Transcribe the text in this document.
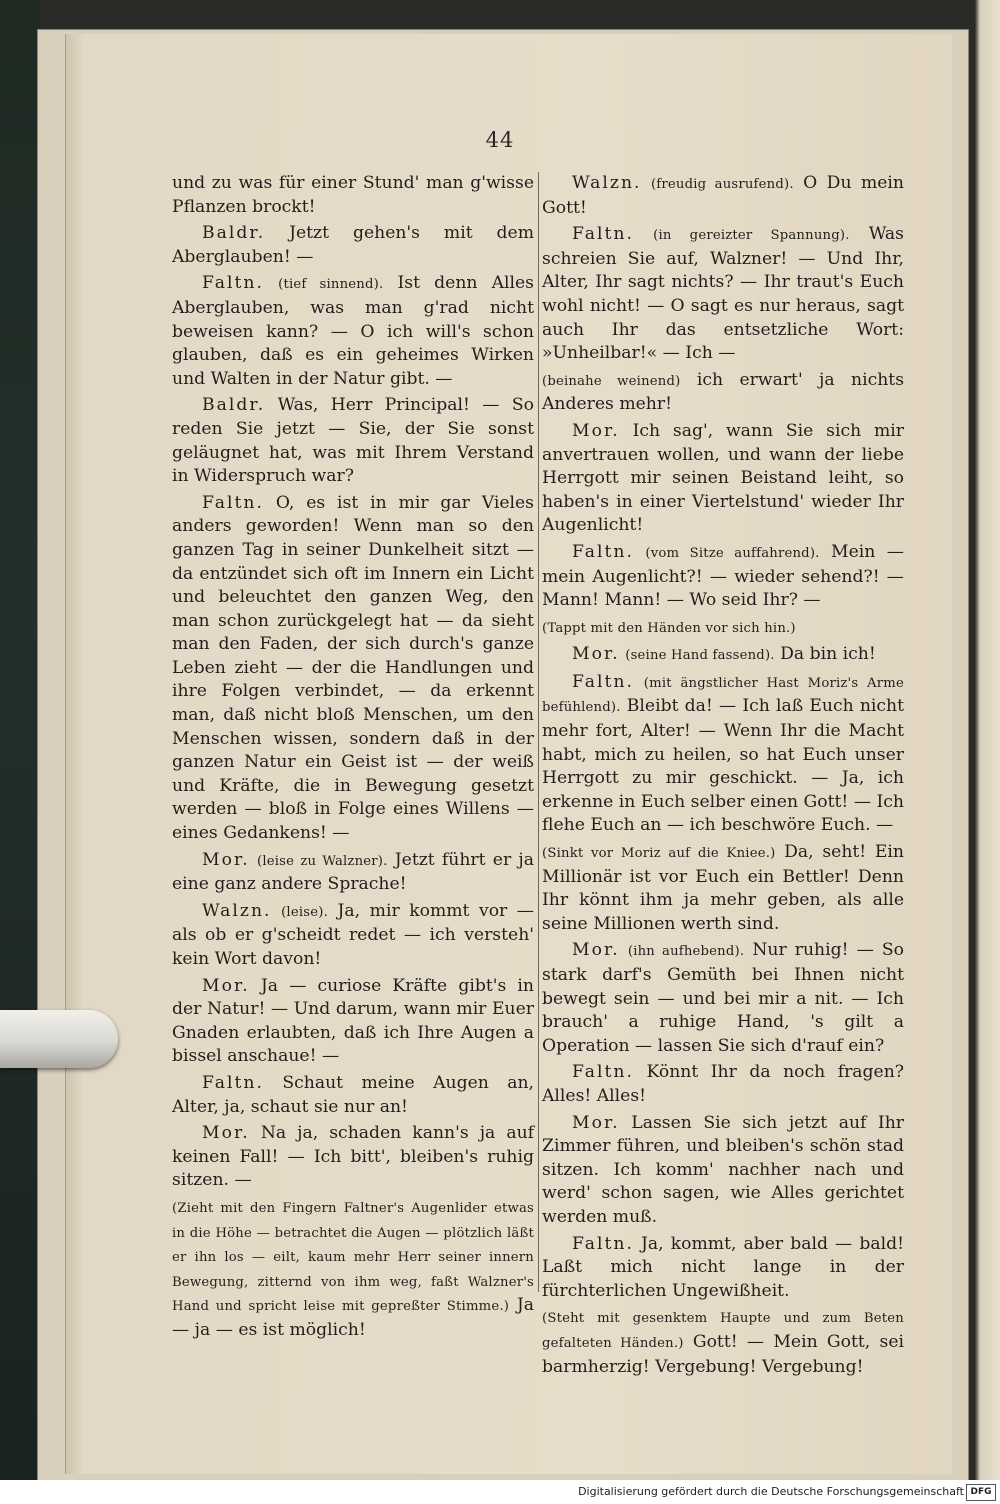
44

und zu was für einer Stund' man g'wisse Pflanzen brockt!

Baldr. Jetzt gehen's mit dem Aberglauben! —

Faltn. (tief sinnend). Ist denn Alles Aberglauben, was man g'rad nicht beweisen kann? — O ich will's schon glauben, daß es ein geheimes Wirken und Walten in der Natur gibt. —

Baldr. Was, Herr Principal! — So reden Sie jetzt — Sie, der Sie sonst geläugnet hat, was mit Ihrem Verstand in Widerspruch war?

Faltn. O, es ist in mir gar Vieles anders geworden! Wenn man so den ganzen Tag in seiner Dunkelheit sitzt — da entzündet sich oft im Innern ein Licht und beleuchtet den ganzen Weg, den man schon zurückgelegt hat — da sieht man den Faden, der sich durch's ganze Leben zieht — der die Handlungen und ihre Folgen verbindet, — da erkennt man, daß nicht bloß Menschen, um den Menschen wissen, sondern daß in der ganzen Natur ein Geist ist — der weiß und Kräfte, die in Bewegung gesetzt werden — bloß in Folge eines Willens — eines Gedankens! —

Mor. (leise zu Walzner). Jetzt führt er ja eine ganz andere Sprache!

Walzn. (leise). Ja, mir kommt vor — als ob er g'scheidt redet — ich versteh' kein Wort davon!

Mor. Ja — curiose Kräfte gibt's in der Natur! — Und darum, wann mir Euer Gnaden erlaubten, daß ich Ihre Augen a bissel anschaue! —

Faltn. Schaut meine Augen an, Alter, ja, schaut sie nur an!

Mor. Na ja, schaden kann's ja auf keinen Fall! — Ich bitt', bleiben's ruhig sitzen. —

(Zieht mit den Fingern Faltner's Augenlider etwas in die Höhe — betrachtet die Augen — plötzlich läßt er ihn los — eilt, kaum mehr Herr seiner innern Bewegung, zitternd von ihm weg, faßt Walzner's Hand und spricht leise mit gepreßter Stimme.) Ja — ja — es ist möglich!

Walzn. (freudig ausrufend). O Du mein Gott!

Faltn. (in gereizter Spannung). Was schreien Sie auf, Walzner! — Und Ihr, Alter, Ihr sagt nichts? — Ihr traut's Euch wohl nicht! — O sagt es nur heraus, sagt auch Ihr das entsetzliche Wort: »Unheilbar!« — Ich —

(beinahe weinend) ich erwart' ja nichts Anderes mehr!

Mor. Ich sag', wann Sie sich mir anvertrauen wollen, und wann der liebe Herrgott mir seinen Beistand leiht, so haben's in einer Viertelstund' wieder Ihr Augenlicht!

Faltn. (vom Sitze auffahrend). Mein — mein Augenlicht?! — wieder sehend?! — Mann! Mann! — Wo seid Ihr? —

(Tappt mit den Händen vor sich hin.)

Mor. (seine Hand fassend). Da bin ich!

Faltn. (mit ängstlicher Hast Moriz's Arme befühlend). Bleibt da! — Ich laß Euch nicht mehr fort, Alter! — Wenn Ihr die Macht habt, mich zu heilen, so hat Euch unser Herrgott zu mir geschickt. — Ja, ich erkenne in Euch selber einen Gott! — Ich flehe Euch an — ich beschwöre Euch. —

(Sinkt vor Moriz auf die Kniee.) Da, seht! Ein Millionär ist vor Euch ein Bettler! Denn Ihr könnt ihm ja mehr geben, als alle seine Millionen werth sind.

Mor. (ihn aufhebend). Nur ruhig! — So stark darf's Gemüth bei Ihnen nicht bewegt sein — und bei mir a nit. — Ich brauch' a ruhige Hand, 's gilt a Operation — lassen Sie sich d'rauf ein?

Faltn. Könnt Ihr da noch fragen? Alles! Alles!

Mor. Lassen Sie sich jetzt auf Ihr Zimmer führen, und bleiben's schön stad sitzen. Ich komm' nachher nach und werd' schon sagen, wie Alles gerichtet werden muß.

Faltn. Ja, kommt, aber bald — bald! Laßt mich nicht lange in der fürchterlichen Ungewißheit.

(Steht mit gesenktem Haupte und zum Beten gefalteten Händen.) Gott! — Mein Gott, sei barmherzig! Vergebung! Vergebung!

Digitalisierung gefördert durch die Deutsche Forschungsgemeinschaft DFG
